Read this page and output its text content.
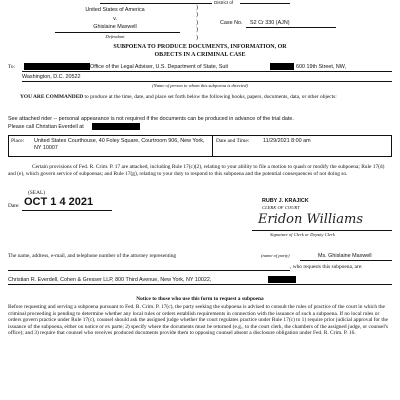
District of
United States of America
v.
Ghislaine Maxwell
Defendant
)
)
)
)
)
Case No. S2 Cr 330 (AJN)
SUBPOENA TO PRODUCE DOCUMENTS, INFORMATION, OR
OBJECTS IN A CRIMINAL CASE
To:	Office of the Legal Adviser, U.S. Department of State, Suit	600 19th Street, NW,
Washington, D.C. 20522
(Name of person to whom this subpoena is directed)
YOU ARE COMMANDED to produce at the time, date, and place set forth below the following books, papers, documents, data, or other objects:
See attached rider -- personal appearance is not required if the documents can be produced in advance of the trial date.
Please call Christian Everdell at
Place: United States Courthouse, 40 Foley Square, Courtroom 906, New York, NY 10007
Date and Time:	11/29/2021 8:00 am
Certain provisions of Fed. R. Crim. P. 17 are attached, including Rule 17(c)(2), relating to your ability to file a motion to quash or modify the subpoena; Rule 17(d) and (e), which govern service of subpoenas; and Rule 17(g), relating to your duty to respond to this subpoena and the potential consequences of not doing so.
(SEAL)
Date: OCT 1 4 2021	RUBY J. KRAJICK
CLERK OF COURT
Eridon Williams
Signature of Clerk or Deputy Clerk
The name, address, e-mail, and telephone number of the attorney representing	(name of party)	Ms. Ghislaine Maxwell
, who requests this subpoena, are:
Christian R. Everdell, Cohen & Gresser LLP, 800 Third Avenue, New York, NY 10022,
Notice to those who use this form to request a subpoena
Before requesting and serving a subpoena pursuant to Fed. R. Crim. P. 17(c), the party seeking the subpoena is advised to consult the rules of practice of the court in which the criminal proceeding is pending to determine whether any local rules or orders establish requirements in connection with the issuance of such a subpoena. If no local rules or orders govern practice under Rule 17(c), counsel should ask the assigned judge whether the court regulates practice under Rule 17(c) to 1) require prior judicial approval for the issuance of the subpoena, either on notice or ex parte; 2) specify where the documents must be returned (e.g., to the court clerk, the chambers of the assigned judge, or counsel's office); and 3) require that counsel who receives produced documents provide them to opposing counsel absent a disclosure obligation under Fed. R. Crim. P. 16.
